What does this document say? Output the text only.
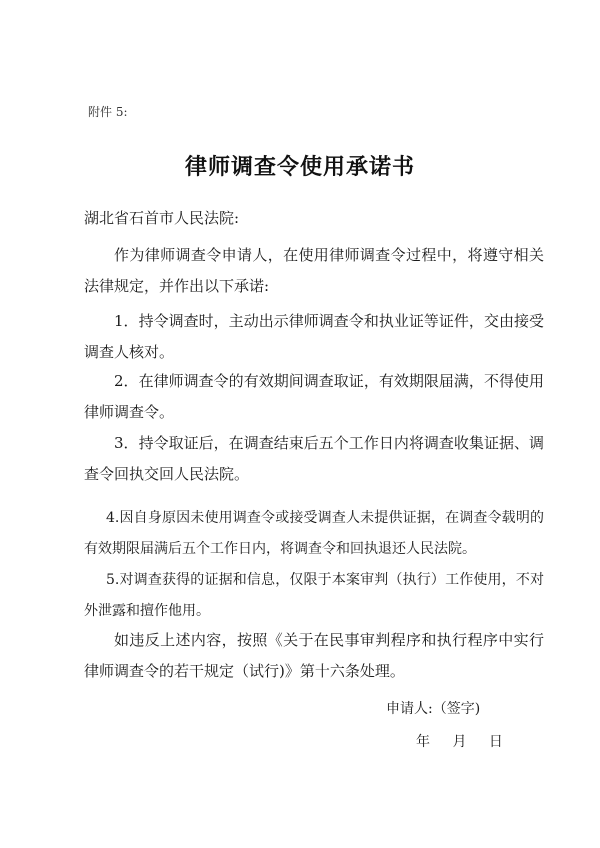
附件 5:
律师调查令使用承诺书
湖北省石首市人民法院:
作为律师调查令申请人，在使用律师调查令过程中，将遵守相关法律规定，并作出以下承诺:
1．持令调查时，主动出示律师调查令和执业证等证件，交由接受调查人核对。
2．在律师调查令的有效期间调查取证，有效期限届满，不得使用律师调查令。
3．持令取证后，在调查结束后五个工作日内将调查收集证据、调查令回执交回人民法院。
4.因自身原因未使用调查令或接受调查人未提供证据，在调查令载明的有效期限届满后五个工作日内，将调查令和回执退还人民法院。
5.对调查获得的证据和信息，仅限于本案审判（执行）工作使用，不对外泄露和擅作他用。
如违反上述内容，按照《关于在民事审判程序和执行程序中实行律师调查令的若干规定（试行)》第十六条处理。
申请人:（签字)
年 月 日
